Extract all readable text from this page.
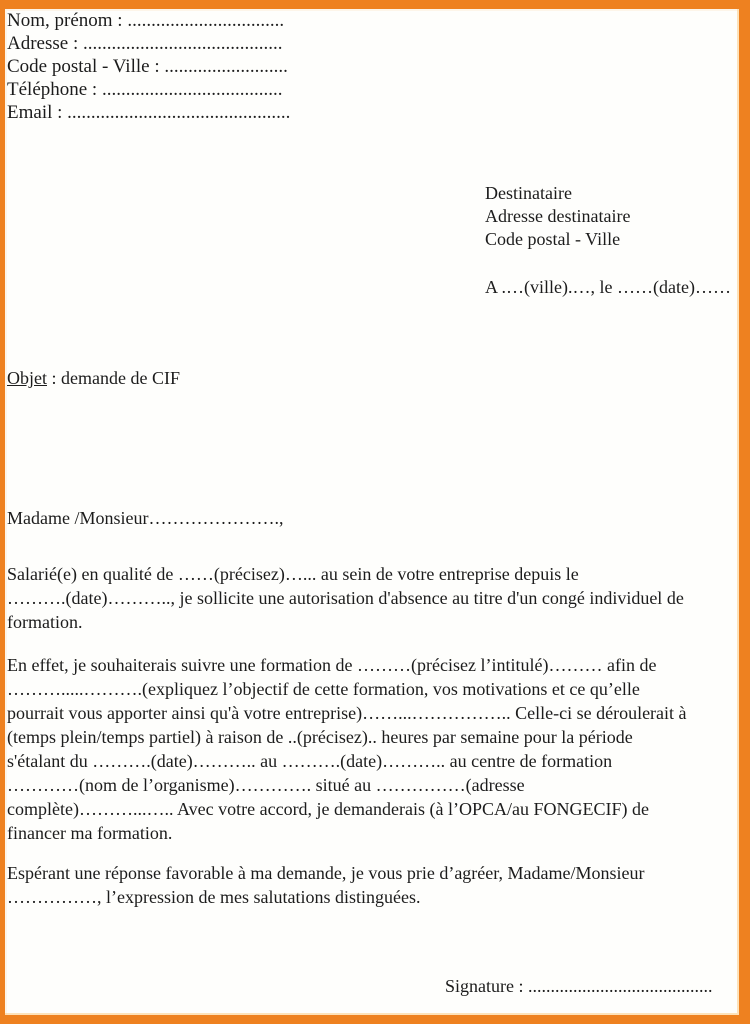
Nom, prénom : .................................
Adresse : ..........................................
Code postal - Ville : ..........................
Téléphone : ......................................
Email : ...............................................
Destinataire
Adresse destinataire
Code postal - Ville
A .…(ville).…, le ……(date)……
Objet : demande de CIF
Madame /Monsieur………………….,
Salarié(e) en qualité de ……(précisez)…... au sein de votre entreprise depuis le
……….(date)……….., je sollicite une autorisation d'absence au titre d'un congé individuel de
formation.
En effet, je souhaiterais suivre une formation de ………(précisez l’intitulé)……… afin de
……….....……….(expliquez l’objectif de cette formation, vos motivations et ce qu’elle
pourrait vous apporter ainsi qu'à votre entreprise)……...…………….. Celle-ci se déroulerait à
(temps plein/temps partiel) à raison de ..(précisez).. heures par semaine pour la période
s'étalant du ……….(date)……….. au ……….(date)……….. au centre de formation
…………(nom de l’organisme)…………. situé au ……………(adresse
complète)………...….. Avec votre accord, je demanderais (à l’OPCA/au FONGECIF) de
financer ma formation.
Espérant une réponse favorable à ma demande, je vous prie d’agréer, Madame/Monsieur
……………, l’expression de mes salutations distinguées.
Signature : .........................................
